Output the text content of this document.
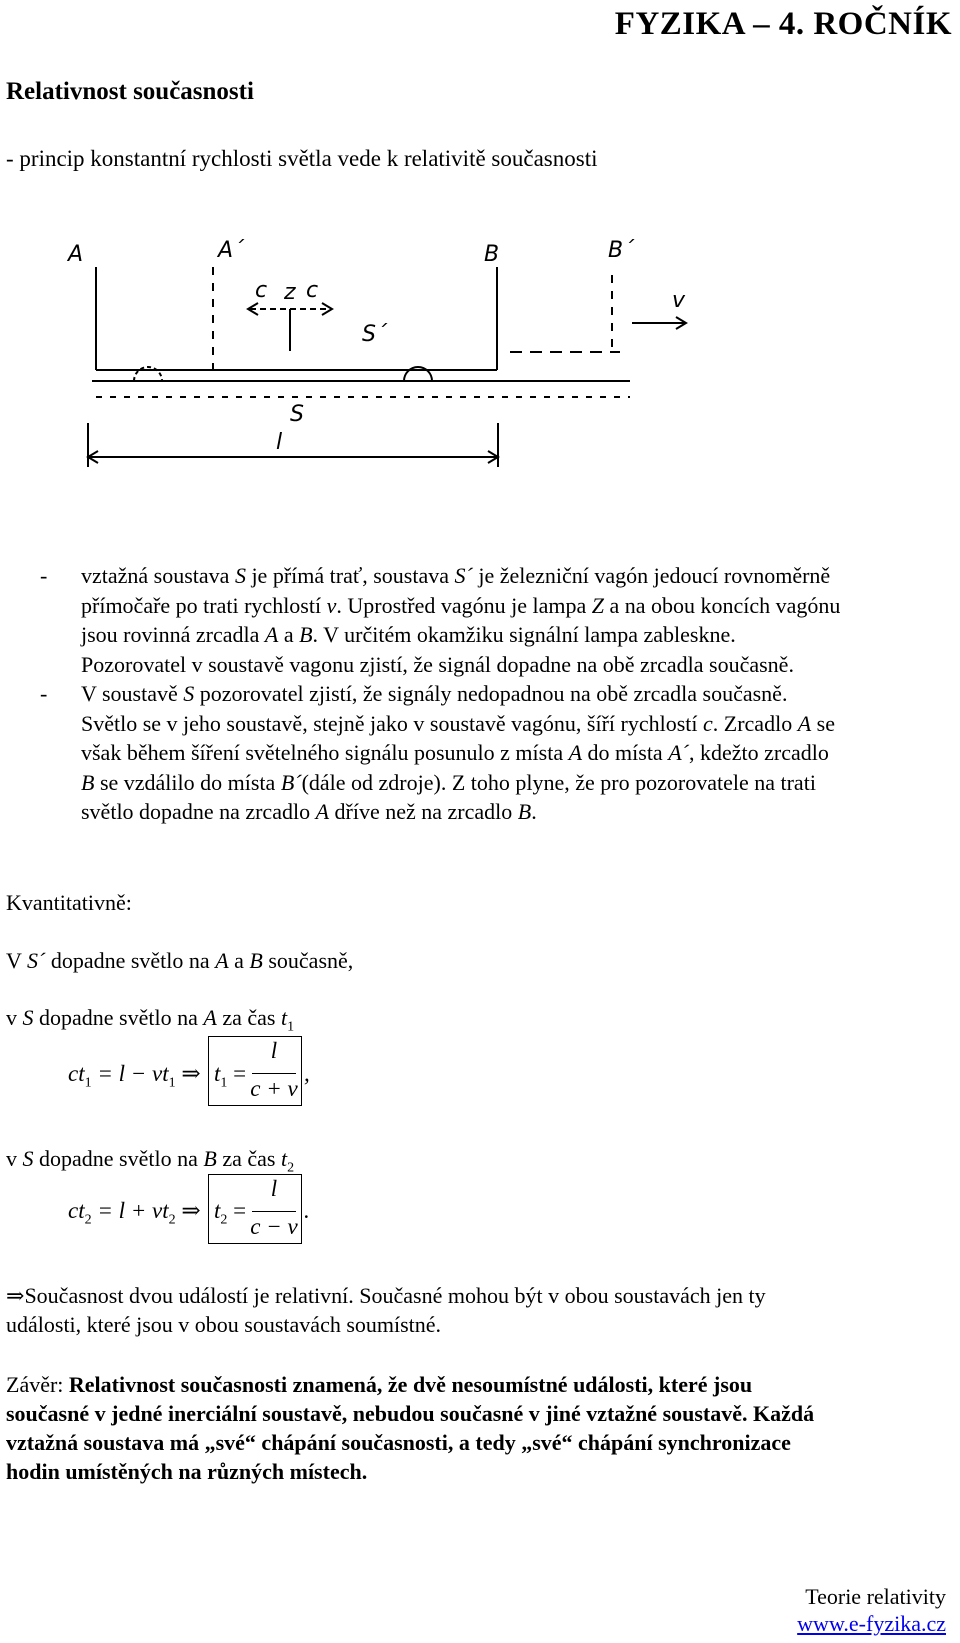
FYZIKA – 4. ROČNÍK
Relativnost současnosti
- princip konstantní rychlosti světla vede k relativitě současnosti
A	A´	B	B´
c z c
S´
S
l
v
- vztažná soustava S je přímá trať, soustava S´ je železniční vagón jedoucí rovnoměrně
přímočaře po trati rychlostí v. Uprostřed vagónu je lampa Z a na obou koncích vagónu
jsou rovinná zrcadla A a B. V určitém okamžiku signální lampa zableskne.
Pozorovatel v soustavě vagonu zjistí, že signál dopadne na obě zrcadla současně.
- V soustavě S pozorovatel zjistí, že signály nedopadnou na obě zrcadla současně.
Světlo se v jeho soustavě, stejně jako v soustavě vagónu, šíří rychlostí c. Zrcadlo A se
však během šíření světelného signálu posunulo z místa A do místa A´, kdežto zrcadlo
B se vzdálilo do místa B´(dále od zdroje). Z toho plyne, že pro pozorovatele na trati
světlo dopadne na zrcadlo A dříve než na zrcadlo B.
Kvantitativně:
V S´ dopadne světlo na A a B současně,
v S dopadne světlo na A za čas $t_1$
$ct_1 = l - vt_1$ ⇒ $t_1$ =
l
c + v
,
v S dopadne světlo na B za čas $t_2$
$ct_2 = l + vt_2$ ⇒ $t_2$ =
l
c − v
.
⇒Současnost dvou událostí je relativní. Současné mohou být v obou soustavách jen ty
události, které jsou v obou soustavách soumístné.
Závěr: Relativnost současnosti znamená, že dvě nesoumístné události, které jsou
současné v jedné inerciální soustavě, nebudou současné v jiné vztažné soustavě. Každá
vztažná soustava má „své“ chápání současnosti, a tedy „své“ chápání synchronizace
hodin umístěných na různých místech.
Teorie relativity
www.e-fyzika.cz
